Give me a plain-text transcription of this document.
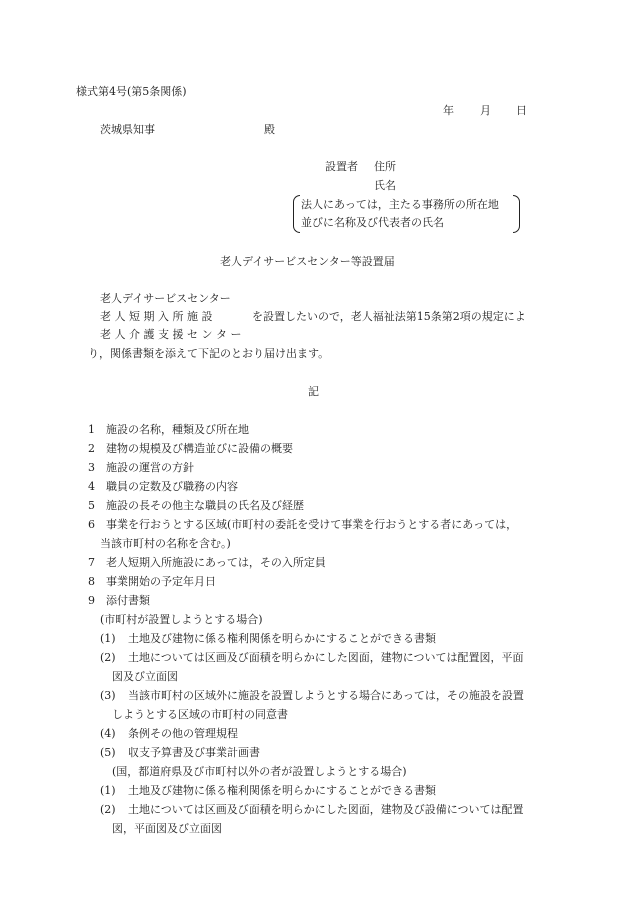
様式第4号(第5条関係)
年 月 日
茨城県知事	殿
設置者 住所
氏名
法人にあっては，主たる事務所の所在地
並びに名称及び代表者の氏名
老人デイサービスセンター等設置届
老人デイサービスセンター
老 人 短 期 入 所 施 設	を設置したいので，老人福祉法第15条第2項の規定によ
老 人 介 護 支 援 セ ン タ ー
り，関係書類を添えて下記のとおり届け出ます。
記
1 施設の名称，種類及び所在地
2 建物の規模及び構造並びに設備の概要
3 施設の運営の方針
4 職員の定数及び職務の内容
5 施設の長その他主な職員の氏名及び経歴
6 事業を行おうとする区域(市町村の委託を受けて事業を行おうとする者にあっては，
当該市町村の名称を含む。)
7 老人短期入所施設にあっては，その入所定員
8 事業開始の予定年月日
9 添付書類
(市町村が設置しようとする場合)
(1) 土地及び建物に係る権利関係を明らかにすることができる書類
(2) 土地については区画及び面積を明らかにした図面，建物については配置図，平面
図及び立面図
(3) 当該市町村の区域外に施設を設置しようとする場合にあっては，その施設を設置
しようとする区域の市町村の同意書
(4) 条例その他の管理規程
(5) 収支予算書及び事業計画書
(国，都道府県及び市町村以外の者が設置しようとする場合)
(1) 土地及び建物に係る権利関係を明らかにすることができる書類
(2) 土地については区画及び面積を明らかにした図面，建物及び設備については配置
図，平面図及び立面図
